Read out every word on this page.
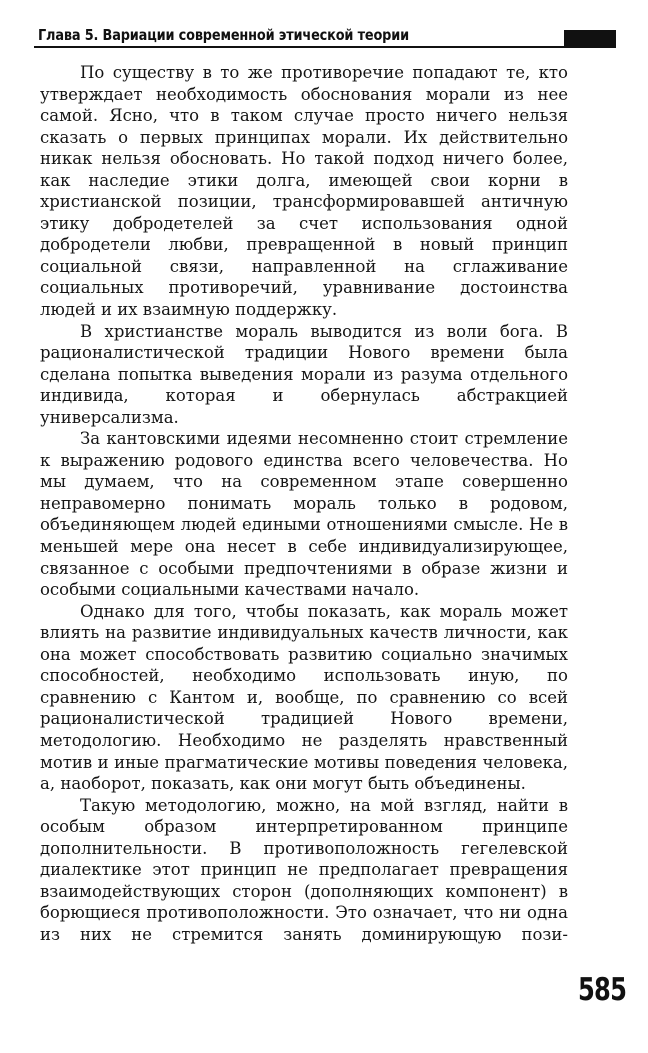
Глава 5. Вариации современной этической теории

По существу в то же противоречие попадают те, кто утверждает необходимость обоснования морали из нее самой. Ясно, что в таком случае просто ничего нельзя сказать о первых принципах морали. Их действительно никак нельзя обосновать. Но такой подход ничего более, как наследие этики долга, имеющей свои корни в христианской позиции, трансформировавшей античную этику добродетелей за счет использования одной добродетели любви, превращенной в новый принцип социальной связи, направленной на сглаживание социальных противоречий, уравнивание достоинства людей и их взаимную поддержку.

В христианстве мораль выводится из воли бога. В рационалистической традиции Нового времени была сделана попытка выведения морали из разума отдельного индивида, которая и обернулась абстракцией универсализма.

За кантовскими идеями несомненно стоит стремление к выражению родового единства всего человечества. Но мы думаем, что на современном этапе совершенно неправомерно понимать мораль только в родовом, объединяющем людей едиными отношениями смысле. Не в меньшей мере она несет в себе индивидуализирующее, связанное с особыми предпочтениями в образе жизни и особыми социальными качествами начало.

Однако для того, чтобы показать, как мораль может влиять на развитие индивидуальных качеств личности, как она может способствовать развитию социально значимых способностей, необходимо использовать иную, по сравнению с Кантом и, вообще, по сравнению со всей рационалистической традицией Нового времени, методологию. Необходимо не разделять нравственный мотив и иные прагматические мотивы поведения человека, а, наоборот, показать, как они могут быть объединены.

Такую методологию, можно, на мой взгляд, найти в особым образом интерпретированном принципе дополнительности. В противоположность гегелевской диалектике этот принцип не предполагает превращения взаимодействующих сторон (дополняющих компонент) в борющиеся противоположности. Это означает, что ни одна из них не стремится занять доминирующую пози-

585
